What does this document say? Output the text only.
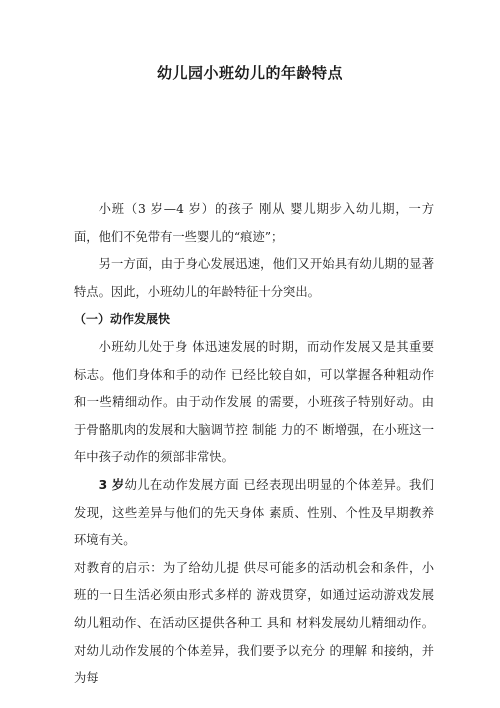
幼儿园小班幼儿的年龄特点

小班（3 岁—4 岁）的孩子 刚从 婴儿期步入幼儿期，一方面，他们不免带有一些婴儿的“痕迹”；

另一方面，由于身心发展迅速，他们又开始具有幼儿期的显著特点。因此，小班幼儿的年龄特征十分突出。

（一）动作发展快

小班幼儿处于身 体迅速发展的时期，而动作发展又是其重要标志。他们身体和手的动作 已经比较自如，可以掌握各种粗动作和一些精细动作。由于动作发展 的需要，小班孩子特别好动。由于骨骼肌肉的发展和大脑调节控 制能 力的不 断增强，在小班这一年中孩子动作的须部非常快。

3 岁幼儿在动作发展方面 已经表现出明显的个体差异。我们发现，这些差异与他们的先天身体 素质、性别、个性及早期教养环境有关。

对教育的启示：为了给幼儿提 供尽可能多的活动机会和条件，小班的一日生活必须由形式多样的 游戏贯穿，如通过运动游戏发展幼儿粗动作、在活动区提供各种工 具和 材料发展幼儿精细动作。对幼儿动作发展的个体差异，我们要予以充分 的理解 和接纳，并为每
